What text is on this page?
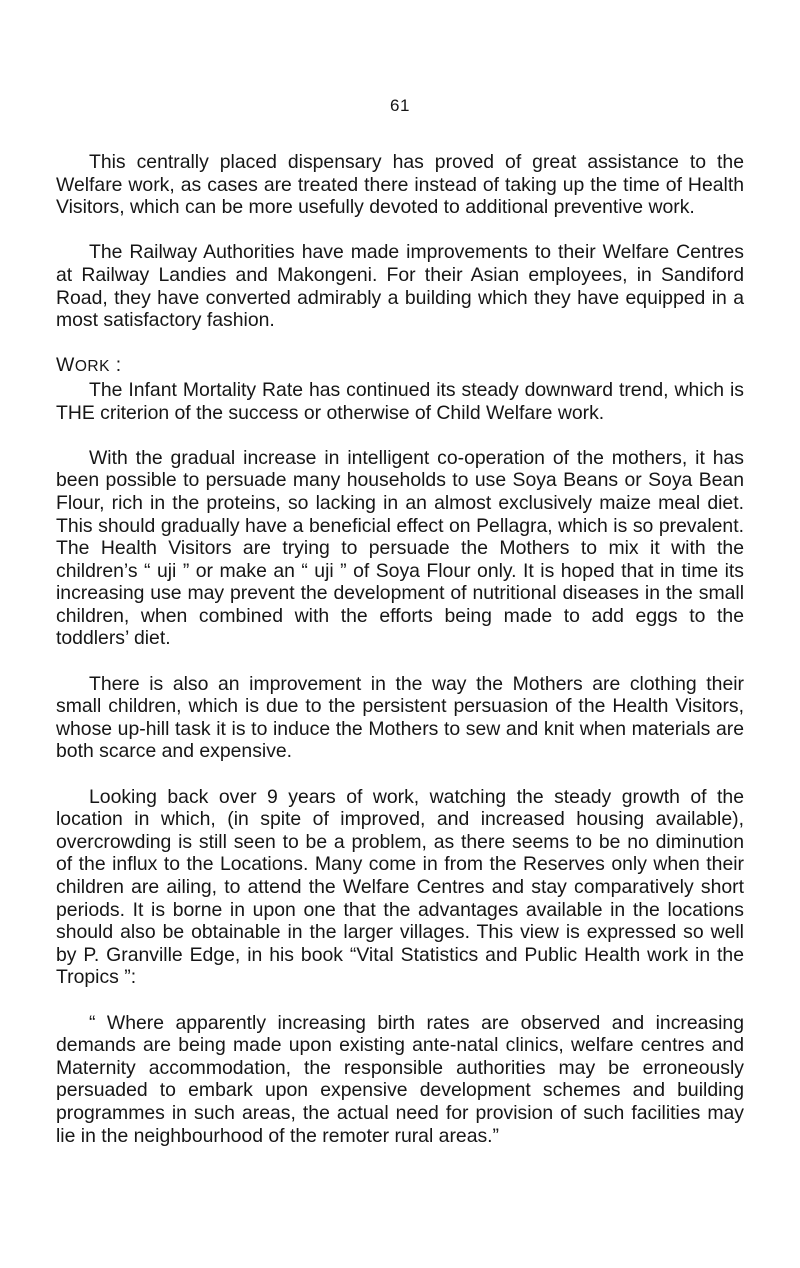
61

This centrally placed dispensary has proved of great assistance to the Welfare work, as cases are treated there instead of taking up the time of Health Visitors, which can be more usefully devoted to additional preventive work.

The Railway Authorities have made improvements to their Welfare Centres at Railway Landies and Makongeni. For their Asian employees, in Sandiford Road, they have converted admirably a building which they have equipped in a most satisfactory fashion.

WORK :

The Infant Mortality Rate has continued its steady downward trend, which is THE criterion of the success or otherwise of Child Welfare work.

With the gradual increase in intelligent co-operation of the mothers, it has been possible to persuade many households to use Soya Beans or Soya Bean Flour, rich in the proteins, so lacking in an almost exclusively maize meal diet. This should gradually have a beneficial effect on Pellagra, which is so prevalent. The Health Visitors are trying to persuade the Mothers to mix it with the children’s “ uji ” or make an “ uji ” of Soya Flour only. It is hoped that in time its increasing use may prevent the development of nutritional diseases in the small children, when combined with the efforts being made to add eggs to the toddlers’ diet.

There is also an improvement in the way the Mothers are clothing their small children, which is due to the persistent persuasion of the Health Visitors, whose up-hill task it is to induce the Mothers to sew and knit when materials are both scarce and expensive.

Looking back over 9 years of work, watching the steady growth of the location in which, (in spite of improved, and increased housing available), overcrowding is still seen to be a problem, as there seems to be no diminution of the influx to the Locations. Many come in from the Reserves only when their children are ailing, to attend the Welfare Centres and stay comparatively short periods. It is borne in upon one that the advantages available in the locations should also be obtainable in the larger villages. This view is expressed so well by P. Granville Edge, in his book “Vital Statistics and Public Health work in the Tropics ”:

“ Where apparently increasing birth rates are observed and increasing demands are being made upon existing ante-natal clinics, welfare centres and Maternity accommodation, the responsible authorities may be erroneously persuaded to embark upon expensive development schemes and building programmes in such areas, the actual need for provision of such facilities may lie in the neighbourhood of the remoter rural areas.”
